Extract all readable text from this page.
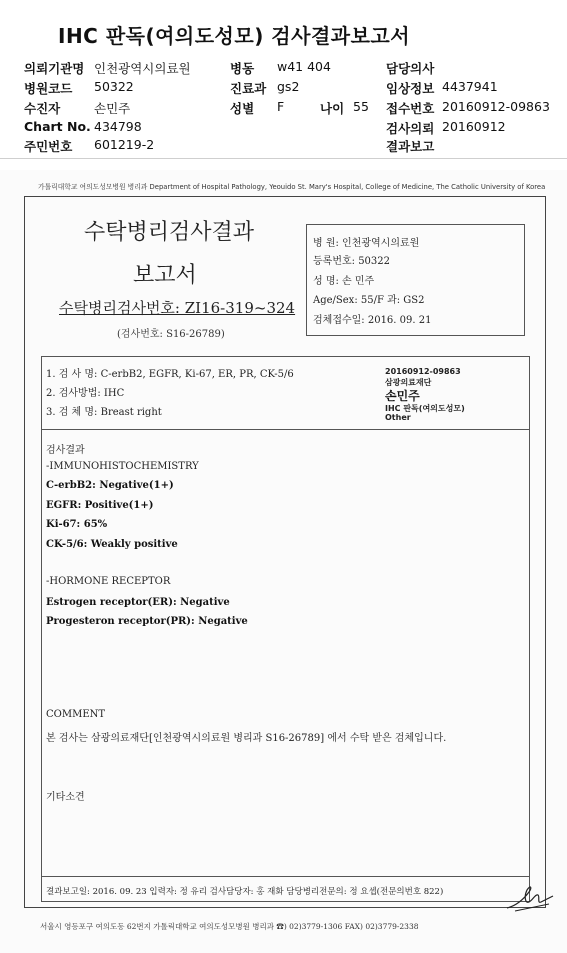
IHC 판독(여의도성모) 검사결과보고서
의뢰기관명 인천광역시의료원	병동 w41 404	담당의사
병원코드 50322	진료과 gs2	임상정보 4437941
수진자	손민주	성별 F	나이 55 접수번호 20160912-09863
Chart No. 434798	검사의뢰 20160912
주민번호 601219-2	결과보고
가톨릭대학교 여의도성모병원 병리과 Department of Hospital Pathology, Yeouido St. Mary's Hospital, College of Medicine, The Catholic University of Korea
수탁병리검사결과
보고서
수탁병리검사번호: ZI16-319~324
(검사번호: S16-26789)
병 원: 인천광역시의료원
등록번호: 50322
성 명: 손 민주
Age/Sex: 55/F 과: GS2
검체접수일: 2016. 09. 21
1. 검 사 명: C-erbB2, EGFR, Ki-67, ER, PR, CK-5/6
2. 검사방법: IHC
3. 검 체 명: Breast right
20160912-09863
삼광의료재단
손민주
IHC 판독(여의도성모)
Other
검사결과
-IMMUNOHISTOCHEMISTRY
C-erbB2: Negative(1+)
EGFR: Positive(1+)
Ki-67: 65%
CK-5/6: Weakly positive
-HORMONE RECEPTOR
Estrogen receptor(ER): Negative
Progesteron receptor(PR): Negative
COMMENT
본 검사는 삼광의료재단[인천광역시의료원 병리과 S16-26789] 에서 수탁 받은 검체입니다.
기타소견
결과보고일: 2016. 09. 23 입력자: 정 유리 검사담당자: 홍 재화 담당병리전문의: 정 요셉(전문의번호 822)
서울시 영등포구 여의도동 62번지 가톨릭대학교 여의도성모병원 병리과 ☎) 02)3779-1306 FAX) 02)3779-2338
